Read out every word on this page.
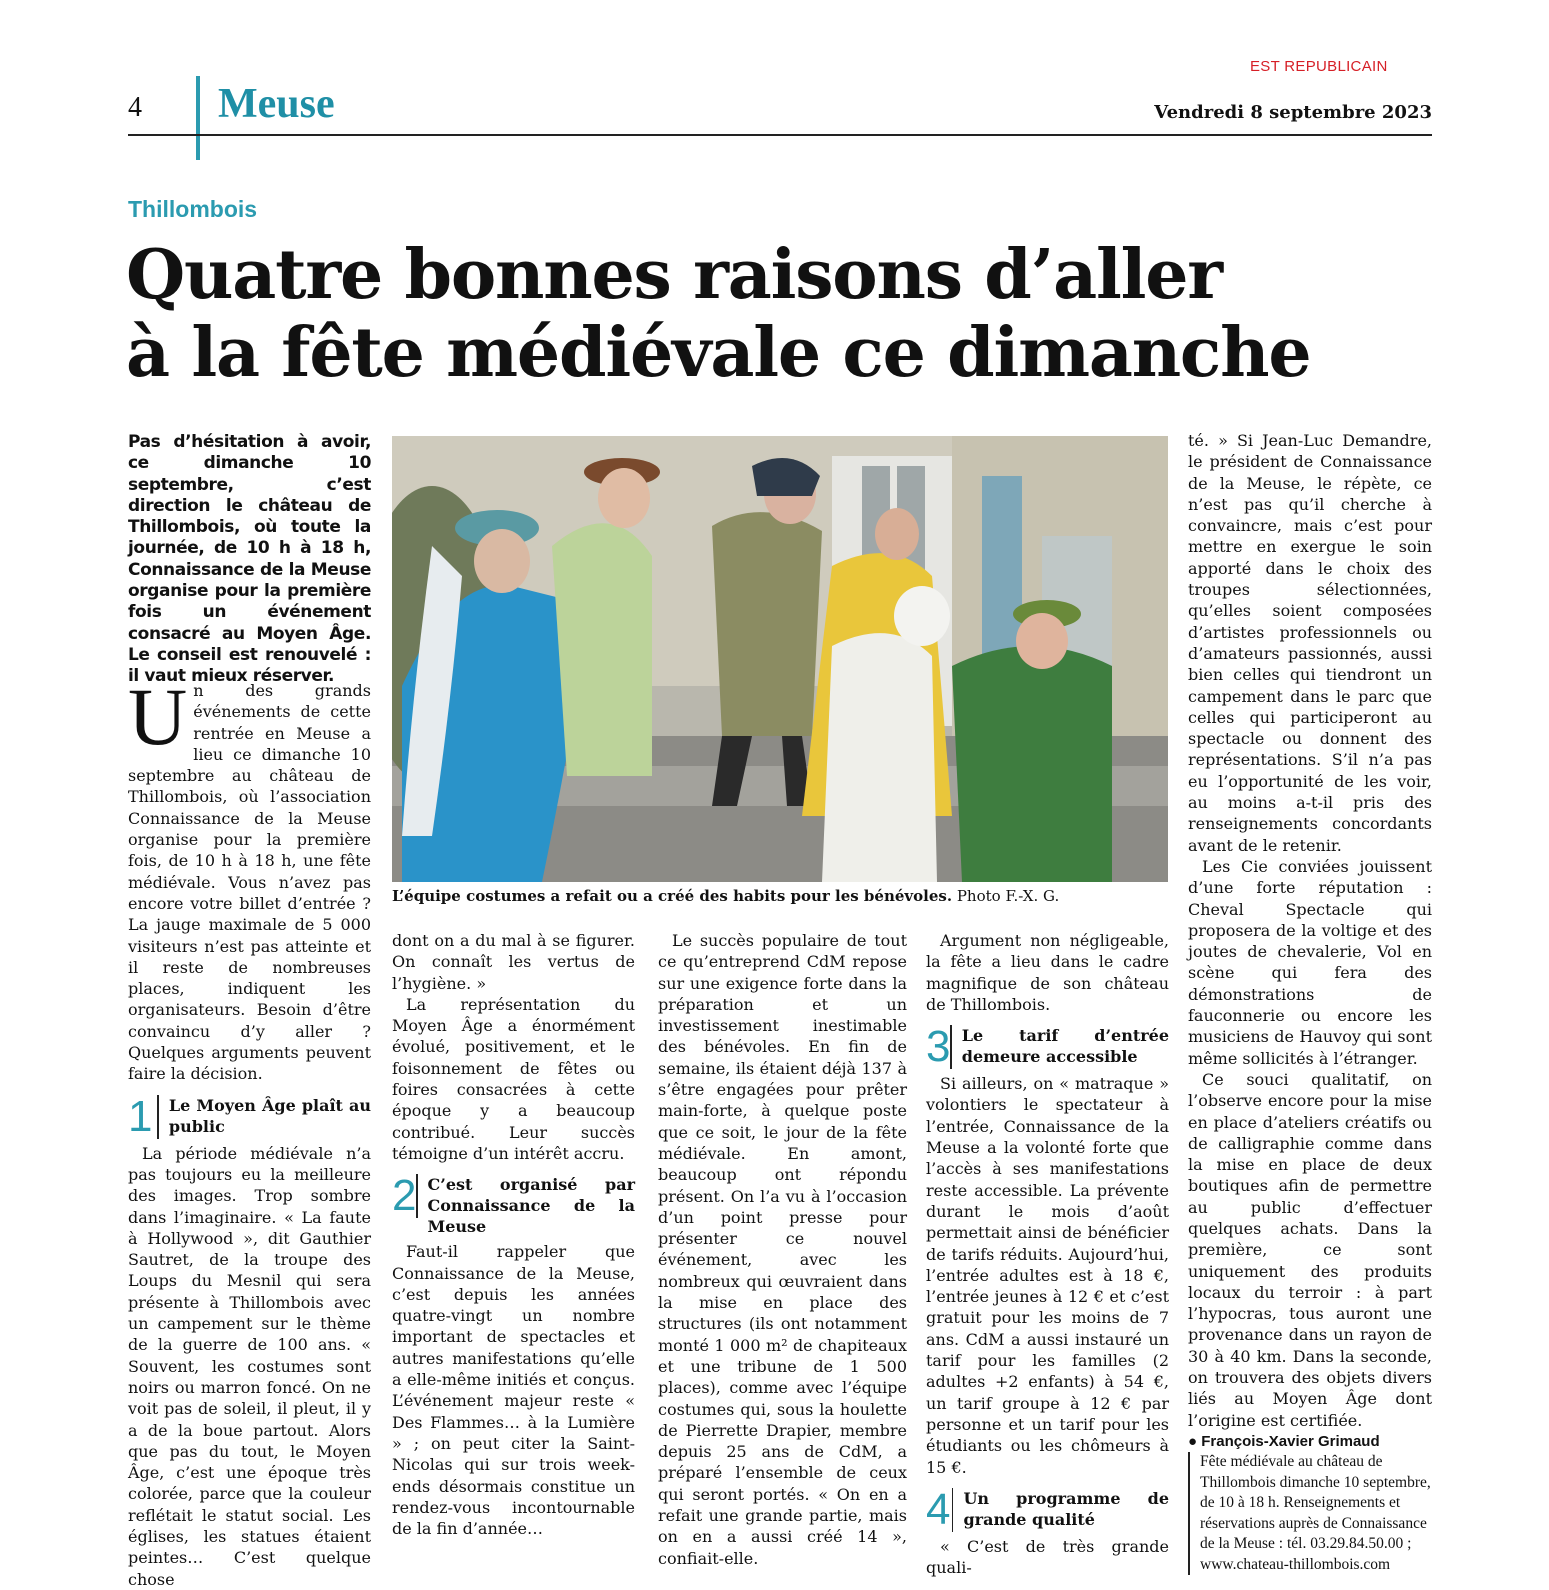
EST REPUBLICAIN
4 Meuse	Vendredi 8 septembre 2023
Thillombois
Quatre bonnes raisons d’aller
à la fête médiévale ce dimanche
Pas d’hésitation à avoir, ce dimanche 10 septembre, c’est direction le château de Thillombois, où toute la journée, de 10 h à 18 h, Connaissance de la Meuse organise pour la première fois un événement consacré au Moyen Âge. Le conseil est renouvelé : il vaut mieux réserver.

Un des grands événements de cette rentrée en Meuse a lieu ce dimanche 10 septembre au château de Thillombois, où l’association Connaissance de la Meuse organise pour la première fois, de 10 h à 18 h, une fête médiévale. Vous n’avez pas encore votre billet d’entrée ? La jauge maximale de 5 000 visiteurs n’est pas atteinte et il reste de nombreuses places, indiquent les organisateurs. Besoin d’être convaincu d’y aller ? Quelques arguments peuvent faire la décision.

1	Le Moyen Âge plaît au public

La période médiévale n’a pas toujours eu la meilleure des images. Trop sombre dans l’imaginaire. « La faute à Hollywood », dit Gauthier Sautret, de la troupe des Loups du Mesnil qui sera présente à Thillombois avec un campement sur le thème de la guerre de 100 ans. « Souvent, les costumes sont noirs ou marron foncé. On ne voit pas de soleil, il pleut, il y a de la boue partout. Alors que pas du tout, le Moyen Âge, c’est une époque très colorée, parce que la couleur reflétait le statut social. Les églises, les statues étaient peintes… C’est quelque chose

L’équipe costumes a refait ou a créé des habits pour les bénévoles. Photo F.-X. G.

dont on a du mal à se figurer. On connaît les vertus de l’hygiène. »

La représentation du Moyen Âge a énormément évolué, positivement, et le foisonnement de fêtes ou foires consacrées à cette époque y a beaucoup contribué. Leur succès témoigne d’un intérêt accru.

2 C’est organisé par Connaissance de la Meuse

Faut-il rappeler que Connaissance de la Meuse, c’est depuis les années quatre-vingt un nombre important de spectacles et autres manifestations qu’elle a elle-même initiés et conçus. L’événement majeur reste « Des Flammes… à la Lumière » ; on peut citer la Saint-Nicolas qui sur trois week-ends désormais constitue un rendez-vous incontournable de la fin d’année…

Le succès populaire de tout ce qu’entreprend CdM repose sur une exigence forte dans la préparation et un investissement inestimable des bénévoles. En fin de semaine, ils étaient déjà 137 à s’être engagées pour prêter main-forte, à quelque poste que ce soit, le jour de la fête médiévale. En amont, beaucoup ont répondu présent. On l’a vu à l’occasion d’un point presse pour présenter ce nouvel événement, avec les nombreux qui œuvraient dans la mise en place des structures (ils ont notamment monté 1 000 m² de chapiteaux et une tribune de 1 500 places), comme avec l’équipe costumes qui, sous la houlette de Pierrette Drapier, membre depuis 25 ans de CdM, a préparé l’ensemble de ceux qui seront portés. « On en a refait une grande partie, mais on en a aussi créé 14 », confiait-elle.

Argument non négligeable, la fête a lieu dans le cadre magnifique de son château de Thillombois.

3 Le tarif d’entrée demeure accessible

Si ailleurs, on « matraque » volontiers le spectateur à l’entrée, Connaissance de la Meuse a la volonté forte que l’accès à ses manifestations reste accessible. La prévente durant le mois d’août permettait ainsi de bénéficier de tarifs réduits. Aujourd’hui, l’entrée adultes est à 18 €, l’entrée jeunes à 12 € et c’est gratuit pour les moins de 7 ans. CdM a aussi instauré un tarif pour les familles (2 adultes +2 enfants) à 54 €, un tarif groupe à 12 € par personne et un tarif pour les étudiants ou les chômeurs à 15 €.

4 Un programme de grande qualité

« C’est de très grande quali-

té. » Si Jean-Luc Demandre, le président de Connaissance de la Meuse, le répète, ce n’est pas qu’il cherche à convaincre, mais c’est pour mettre en exergue le soin apporté dans le choix des troupes sélectionnées, qu’elles soient composées d’artistes professionnels ou d’amateurs passionnés, aussi bien celles qui tiendront un campement dans le parc que celles qui participeront au spectacle ou donnent des représentations. S’il n’a pas eu l’opportunité de les voir, au moins a-t-il pris des renseignements concordants avant de le retenir.

Les Cie conviées jouissent d’une forte réputation : Cheval Spectacle qui proposera de la voltige et des joutes de chevalerie, Vol en scène qui fera des démonstrations de fauconnerie ou encore les musiciens de Hauvoy qui sont même sollicités à l’étranger.

Ce souci qualitatif, on l’observe encore pour la mise en place d’ateliers créatifs ou de calligraphie comme dans la mise en place de deux boutiques afin de permettre au public d’effectuer quelques achats. Dans la première, ce sont uniquement des produits locaux du terroir : à part l’hypocras, tous auront une provenance dans un rayon de 30 à 40 km. Dans la seconde, on trouvera des objets divers liés au Moyen Âge dont l’origine est certifiée.

● François-Xavier Grimaud

Fête médiévale au château de Thillombois dimanche 10 septembre, de 10 à 18 h. Renseignements et réservations auprès de Connaissance de la Meuse : tél. 03.29.84.50.00 ; www.chateau-thillombois.com
